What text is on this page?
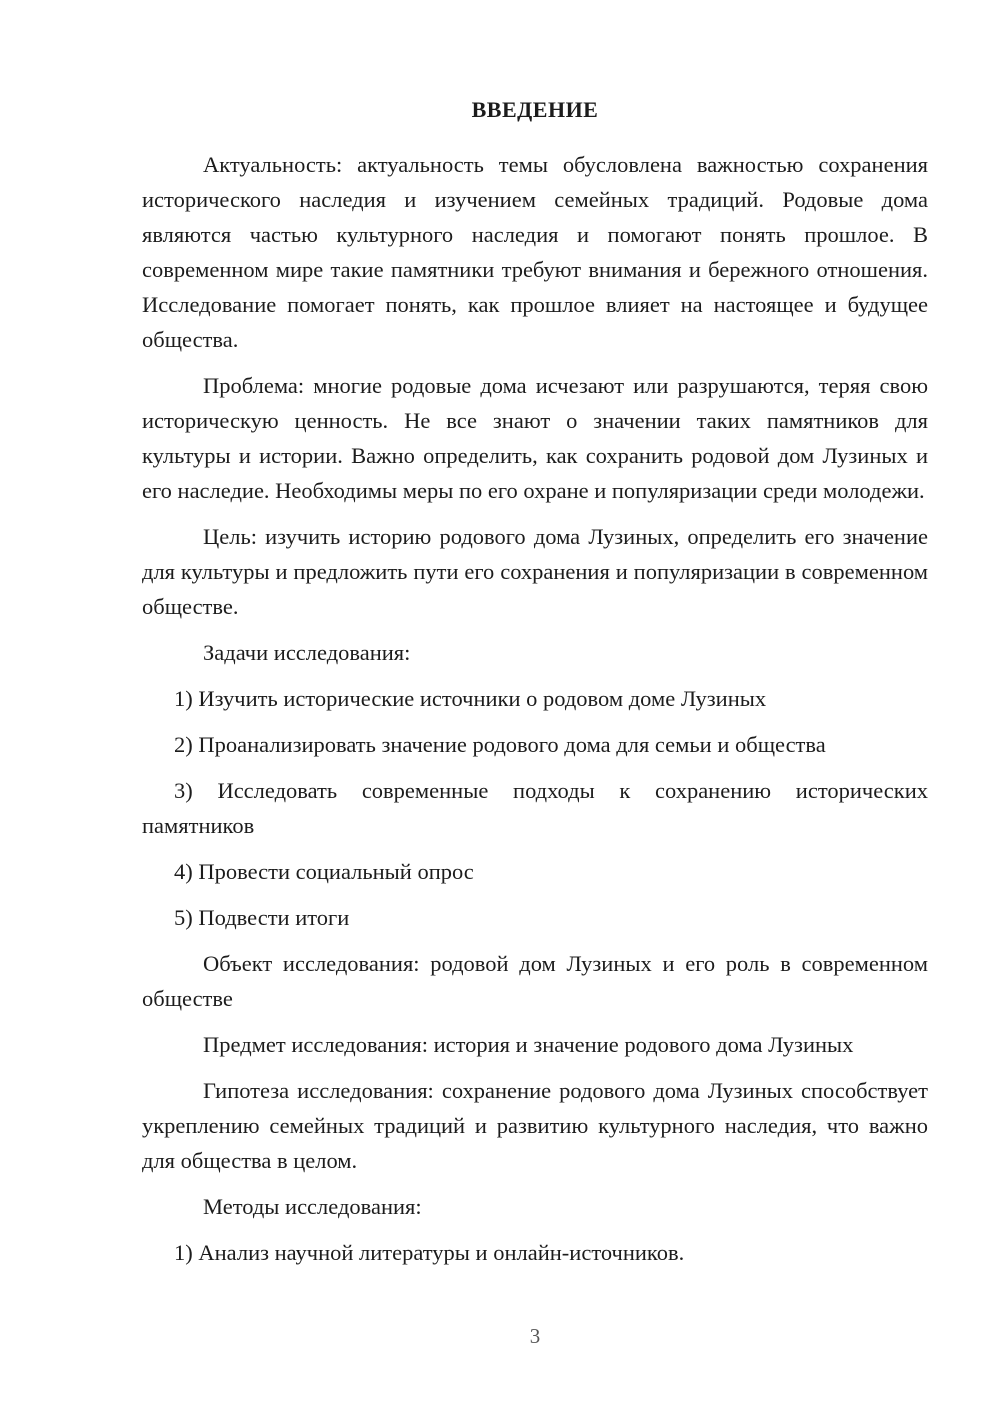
ВВЕДЕНИЕ

Актуальность: актуальность темы обусловлена важностью сохранения исторического наследия и изучением семейных традиций. Родовые дома являются частью культурного наследия и помогают понять прошлое. В современном мире такие памятники требуют внимания и бережного отношения. Исследование помогает понять, как прошлое влияет на настоящее и будущее общества.

Проблема: многие родовые дома исчезают или разрушаются, теряя свою историческую ценность. Не все знают о значении таких памятников для культуры и истории. Важно определить, как сохранить родовой дом Лузиных и его наследие. Необходимы меры по его охране и популяризации среди молодежи.

Цель: изучить историю родового дома Лузиных, определить его значение для культуры и предложить пути его сохранения и популяризации в современном обществе.

Задачи исследования:

1) Изучить исторические источники о родовом доме Лузиных

2) Проанализировать значение родового дома для семьи и общества

3) Исследовать современные подходы к сохранению исторических памятников

4) Провести социальный опрос

5) Подвести итоги

Объект исследования: родовой дом Лузиных и его роль в современном обществе

Предмет исследования: история и значение родового дома Лузиных

Гипотеза исследования: сохранение родового дома Лузиных способствует укреплению семейных традиций и развитию культурного наследия, что важно для общества в целом.

Методы исследования:

1) Анализ научной литературы и онлайн-источников.

3
